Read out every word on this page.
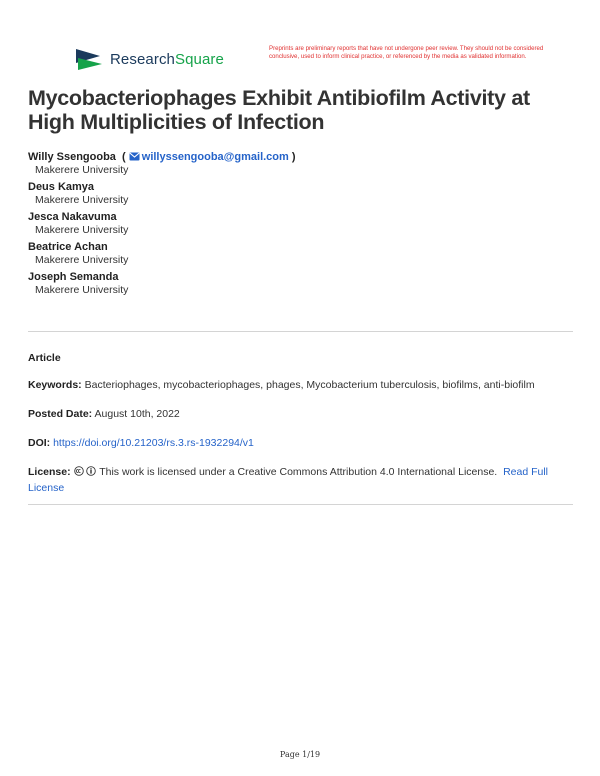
ResearchSquare
Preprints are preliminary reports that have not undergone peer review. They should not be considered conclusive, used to inform clinical practice, or referenced by the media as validated information.
Mycobacteriophages Exhibit Antibiofilm Activity at High Multiplicities of Infection
Willy Ssengooba  ( willyssengooba@gmail.com )
Makerere University
Deus Kamya
Makerere University
Jesca Nakavuma
Makerere University
Beatrice Achan
Makerere University
Joseph Semanda
Makerere University
Article
Keywords: Bacteriophages, mycobacteriophages, phages, Mycobacterium tuberculosis, biofilms, anti-biofilm
Posted Date: August 10th, 2022
DOI: https://doi.org/10.21203/rs.3.rs-1932294/v1
License:	This work is licensed under a Creative Commons Attribution 4.0 International License. Read Full License
Page 1/19
